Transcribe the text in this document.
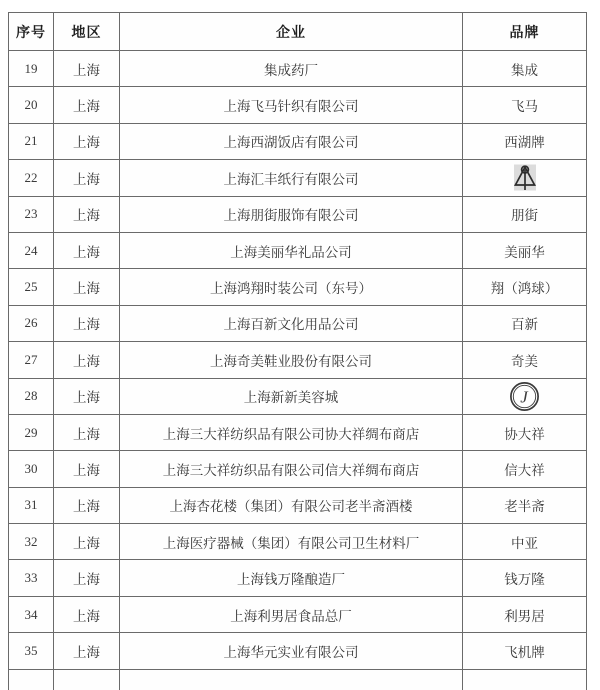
序号	地区	企业	品牌
19	上海	集成药厂	集成
20	上海	上海飞马针织有限公司	飞马
21	上海	上海西湖饭店有限公司	西湖牌
22	上海	上海汇丰纸行有限公司	
23	上海	上海朋街服饰有限公司	朋街
24	上海	上海美丽华礼品公司	美丽华
25	上海	上海鸿翔时装公司（东号）	翔（鸿球）
26	上海	上海百新文化用品公司	百新
27	上海	上海奇美鞋业股份有限公司	奇美
28	上海	上海新新美容城	J

29	上海	上海三大祥纺织品有限公司协大祥绸布商店	协大祥
30	上海	上海三大祥纺织品有限公司信大祥绸布商店	信大祥
31	上海	上海杏花楼（集团）有限公司老半斋酒楼	老半斋
32	上海	上海医疗器械（集团）有限公司卫生材料厂	中亚
33	上海	上海钱万隆酿造厂	钱万隆
34	上海	上海利男居食品总厂	利男居
35	上海	上海华元实业有限公司	飞机牌
